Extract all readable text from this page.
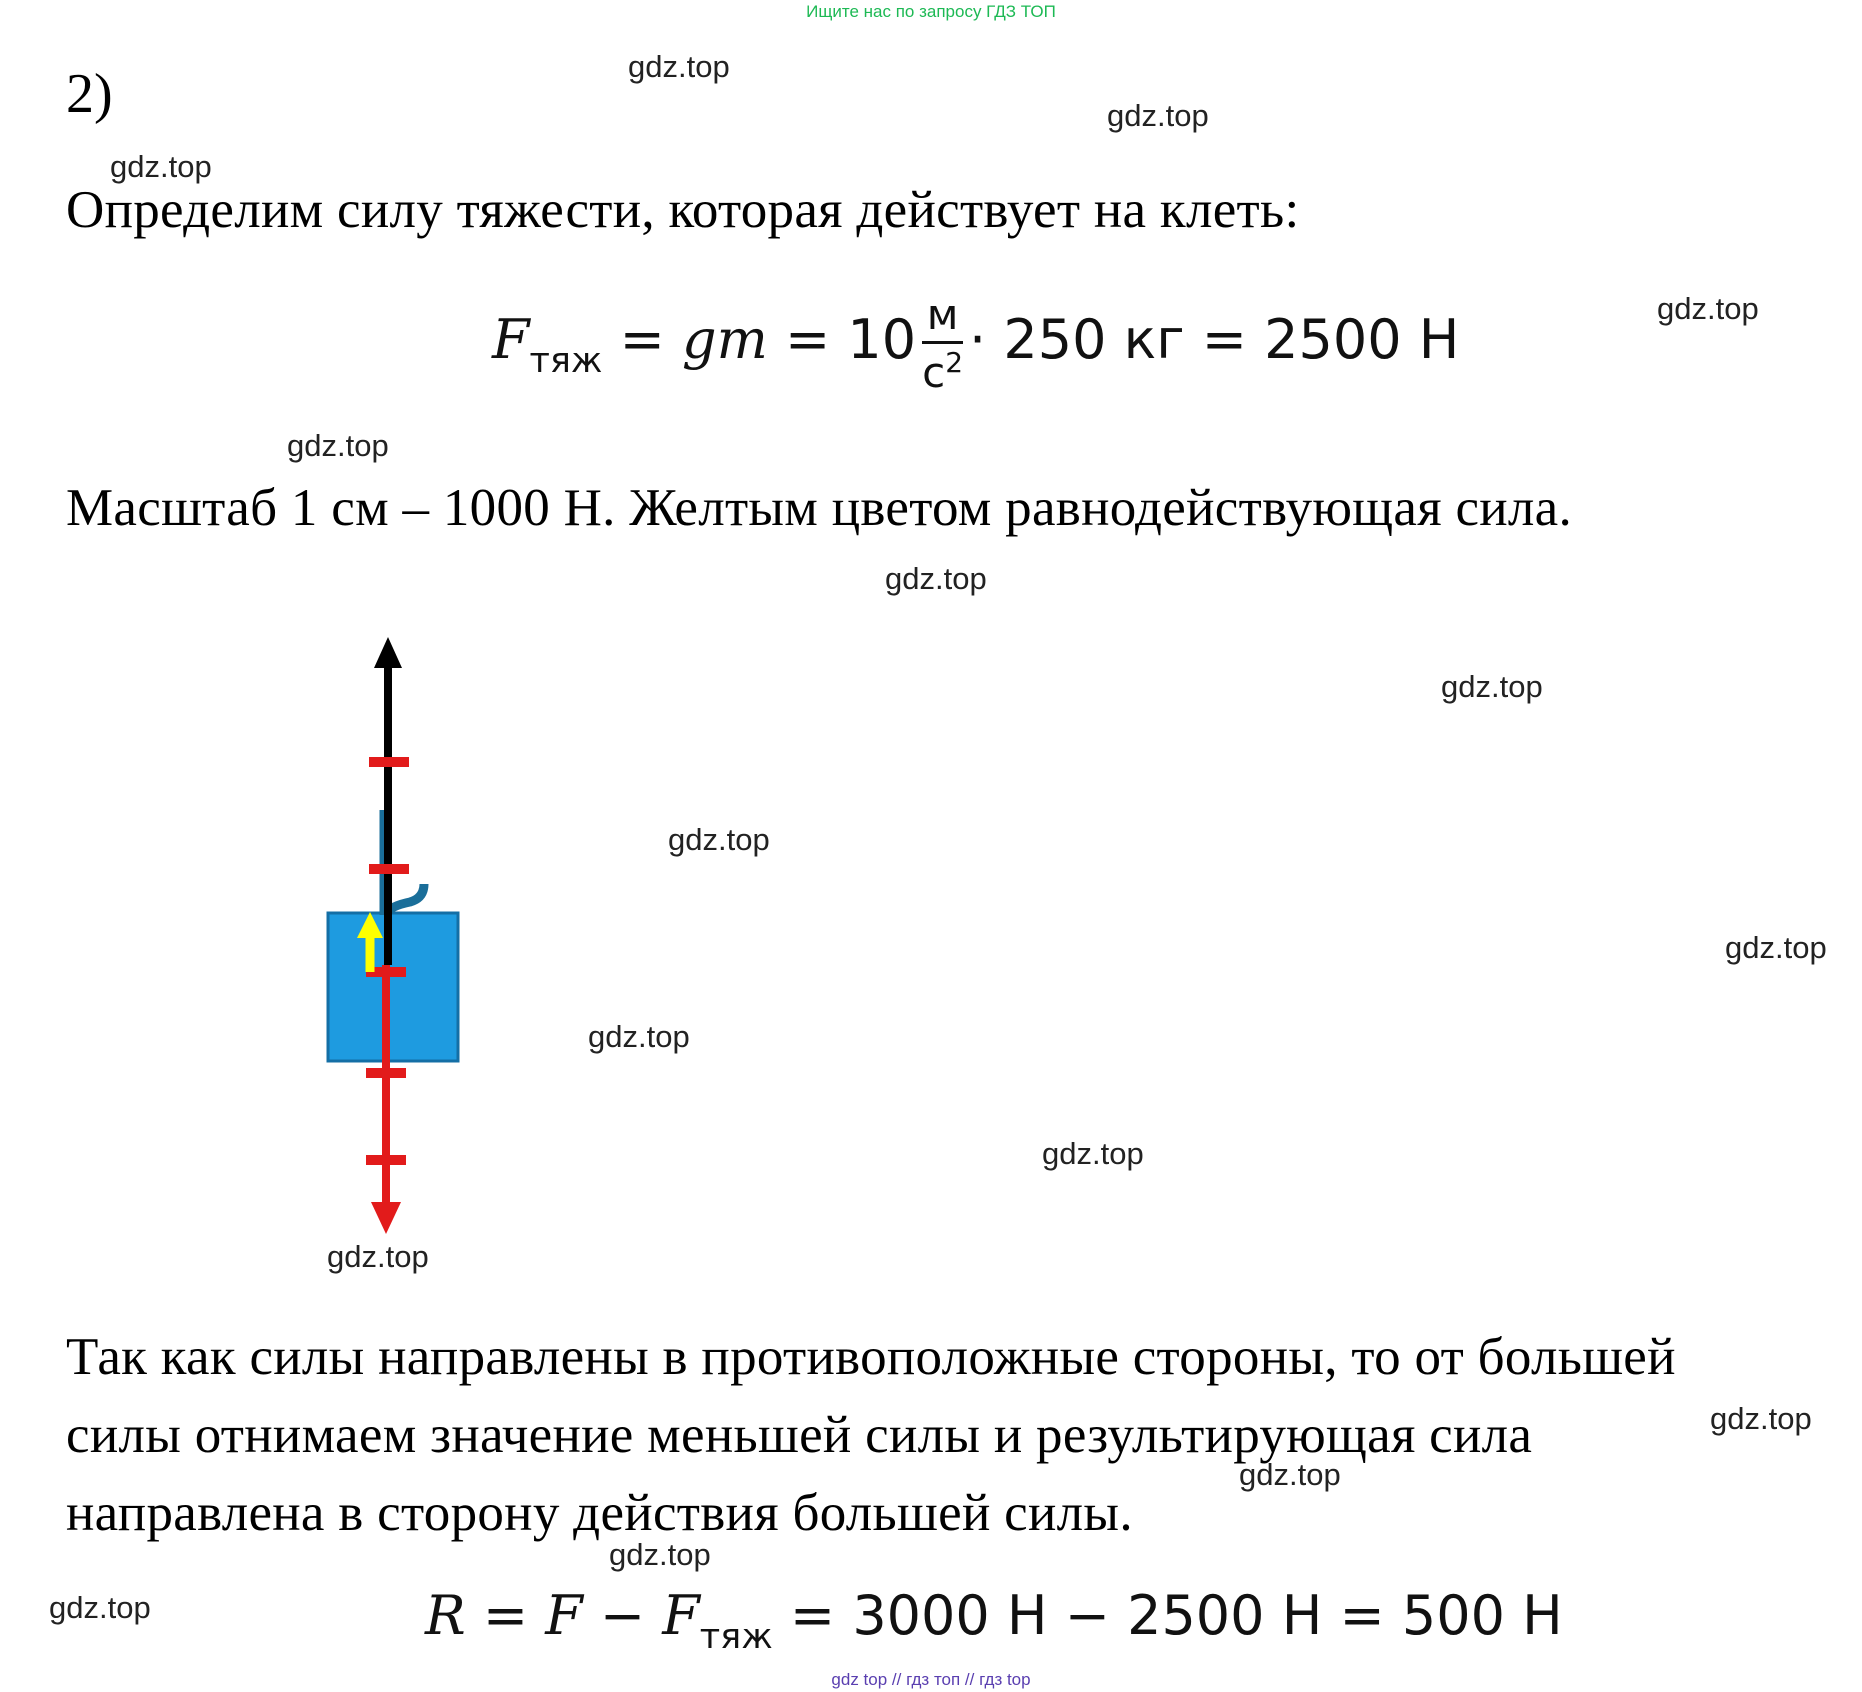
Ищите нас по запросу ГДЗ ТОП
2)
Определим силу тяжести, которая действует на клеть:
$F_{тяж}$ = gm = $10 \frac{м}{с^2} \cdot 250$ кг = 2500 Н
Масштаб 1 см – 1000 Н. Желтым цветом равнодействующая сила.
Так как силы направлены в противоположные стороны, то от большей
силы отнимаем значение меньшей силы и результирующая сила
направлена в сторону действия большей силы.
$R = F - F_{тяж} = 3000$ Н − 2500 Н = 500 Н
gdz.top
gdz.top
gdz.top
gdz.top
gdz.top
gdz.top
gdz.top
gdz.top
gdz.top
gdz.top
gdz.top
gdz.top
gdz.top
gdz.top
gdz.top
gdz.top
gdz top // гдз топ // гдз top
